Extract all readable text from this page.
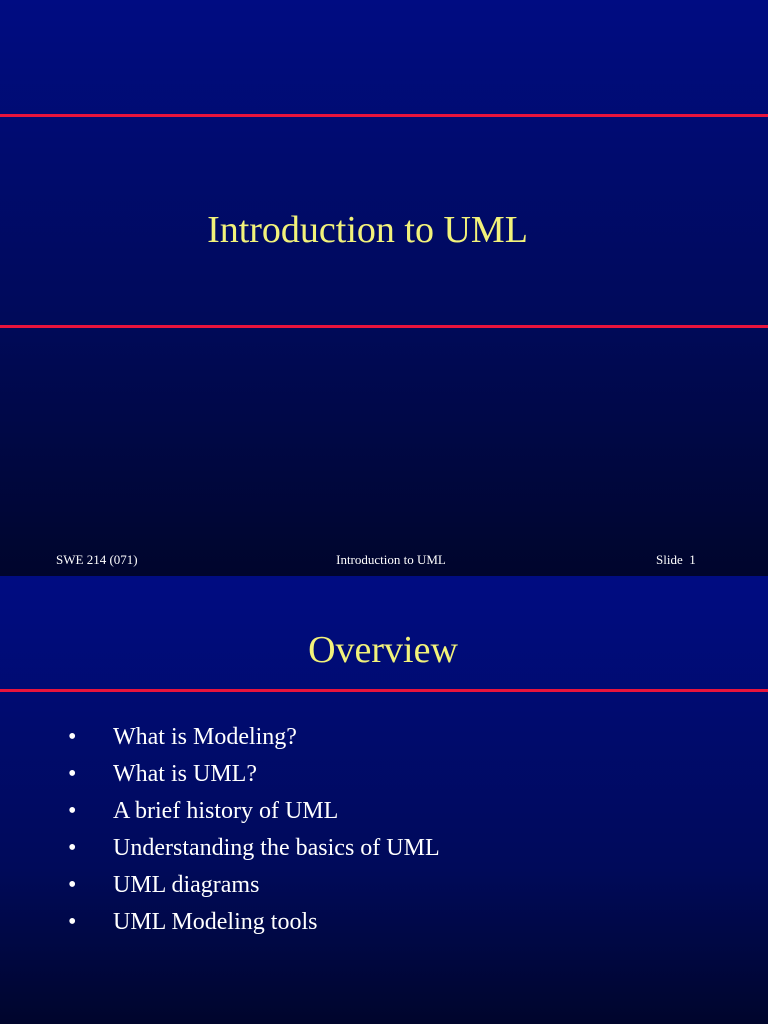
Introduction to UML
SWE 214 (071)	Introduction to UML	Slide  1
Overview
• What is Modeling?
• What is UML?
• A brief history of UML
• Understanding the basics of UML
• UML diagrams
• UML Modeling tools
